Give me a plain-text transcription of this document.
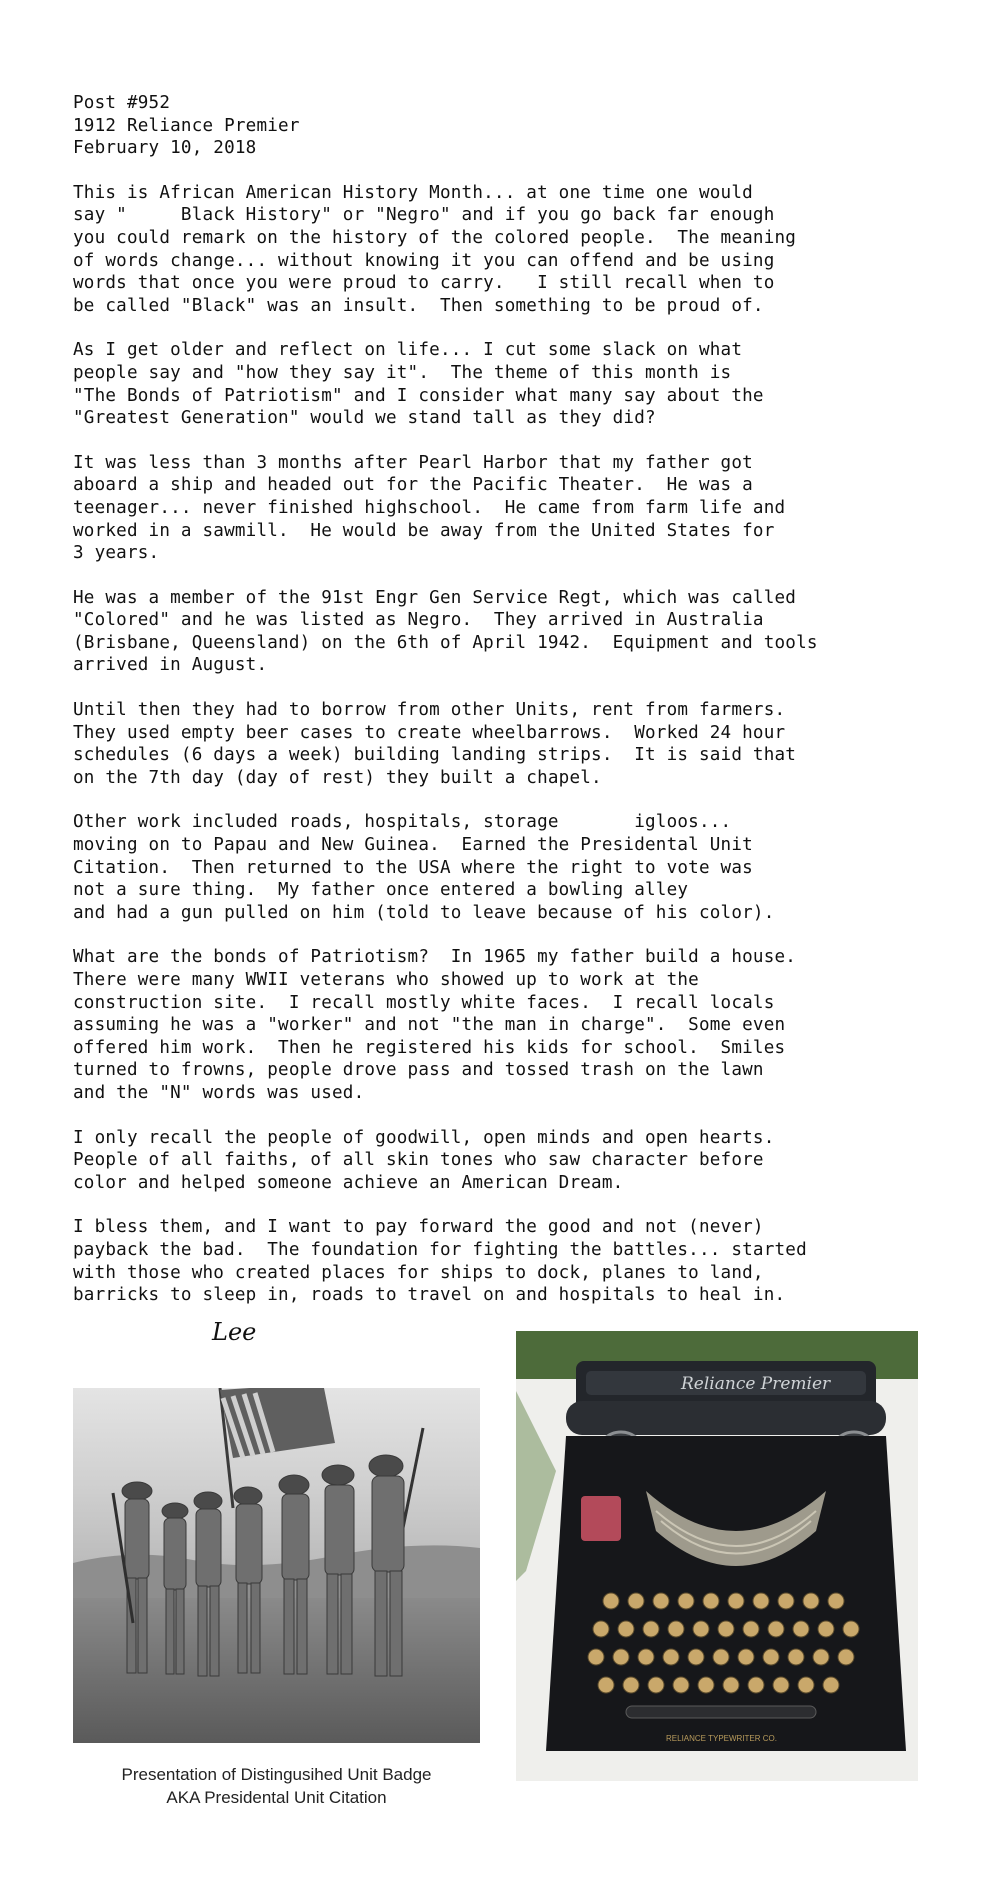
Post #952
1912 Reliance Premier
February 10, 2018
This is African American History Month... at one time one would
say "     Black History" or "Negro" and if you go back far enough
you could remark on the history of the colored people.  The meaning
of words change... without knowing it you can offend and be using
words that once you were proud to carry.   I still recall when to
be called "Black" was an insult.  Then something to be proud of.
As I get older and reflect on life... I cut some slack on what
people say and "how they say it".  The theme of this month is
"The Bonds of Patriotism" and I consider what many say about the
"Greatest Generation" would we stand tall as they did?
It was less than 3 months after Pearl Harbor that my father got
aboard a ship and headed out for the Pacific Theater.  He was a
teenager... never finished highschool.  He came from farm life and
worked in a sawmill.  He would be away from the United States for
3 years.
He was a member of the 91st Engr Gen Service Regt, which was called
"Colored" and he was listed as Negro.  They arrived in Australia
(Brisbane, Queensland) on the 6th of April 1942.  Equipment and tools
arrived in August.
Until then they had to borrow from other Units, rent from farmers.
They used empty beer cases to create wheelbarrows.  Worked 24 hour
schedules (6 days a week) building landing strips.  It is said that
on the 7th day (day of rest) they built a chapel.
Other work included roads, hospitals, storage       igloos...
moving on to Papau and New Guinea.  Earned the Presidental Unit
Citation.  Then returned to the USA where the right to vote was
not a sure thing.  My father once entered a bowling alley
and had a gun pulled on him (told to leave because of his color).
What are the bonds of Patriotism?  In 1965 my father build a house.
There were many WWII veterans who showed up to work at the
construction site.  I recall mostly white faces.  I recall locals
assuming he was a "worker" and not "the man in charge".  Some even
offered him work.  Then he registered his kids for school.  Smiles
turned to frowns, people drove pass and tossed trash on the lawn
and the "N" words was used.
I only recall the people of goodwill, open minds and open hearts.
People of all faiths, of all skin tones who saw character before
color and helped someone achieve an American Dream.
I bless them, and I want to pay forward the good and not (never)
payback the bad.  The foundation for fighting the battles... started
with those who created places for ships to dock, planes to land,
barricks to sleep in, roads to travel on and hospitals to heal in.
Lee
Reliance Premier
RELIANCE TYPEWRITER CO.
Presentation of Distingusihed Unit Badge
AKA Presidental Unit Citation
